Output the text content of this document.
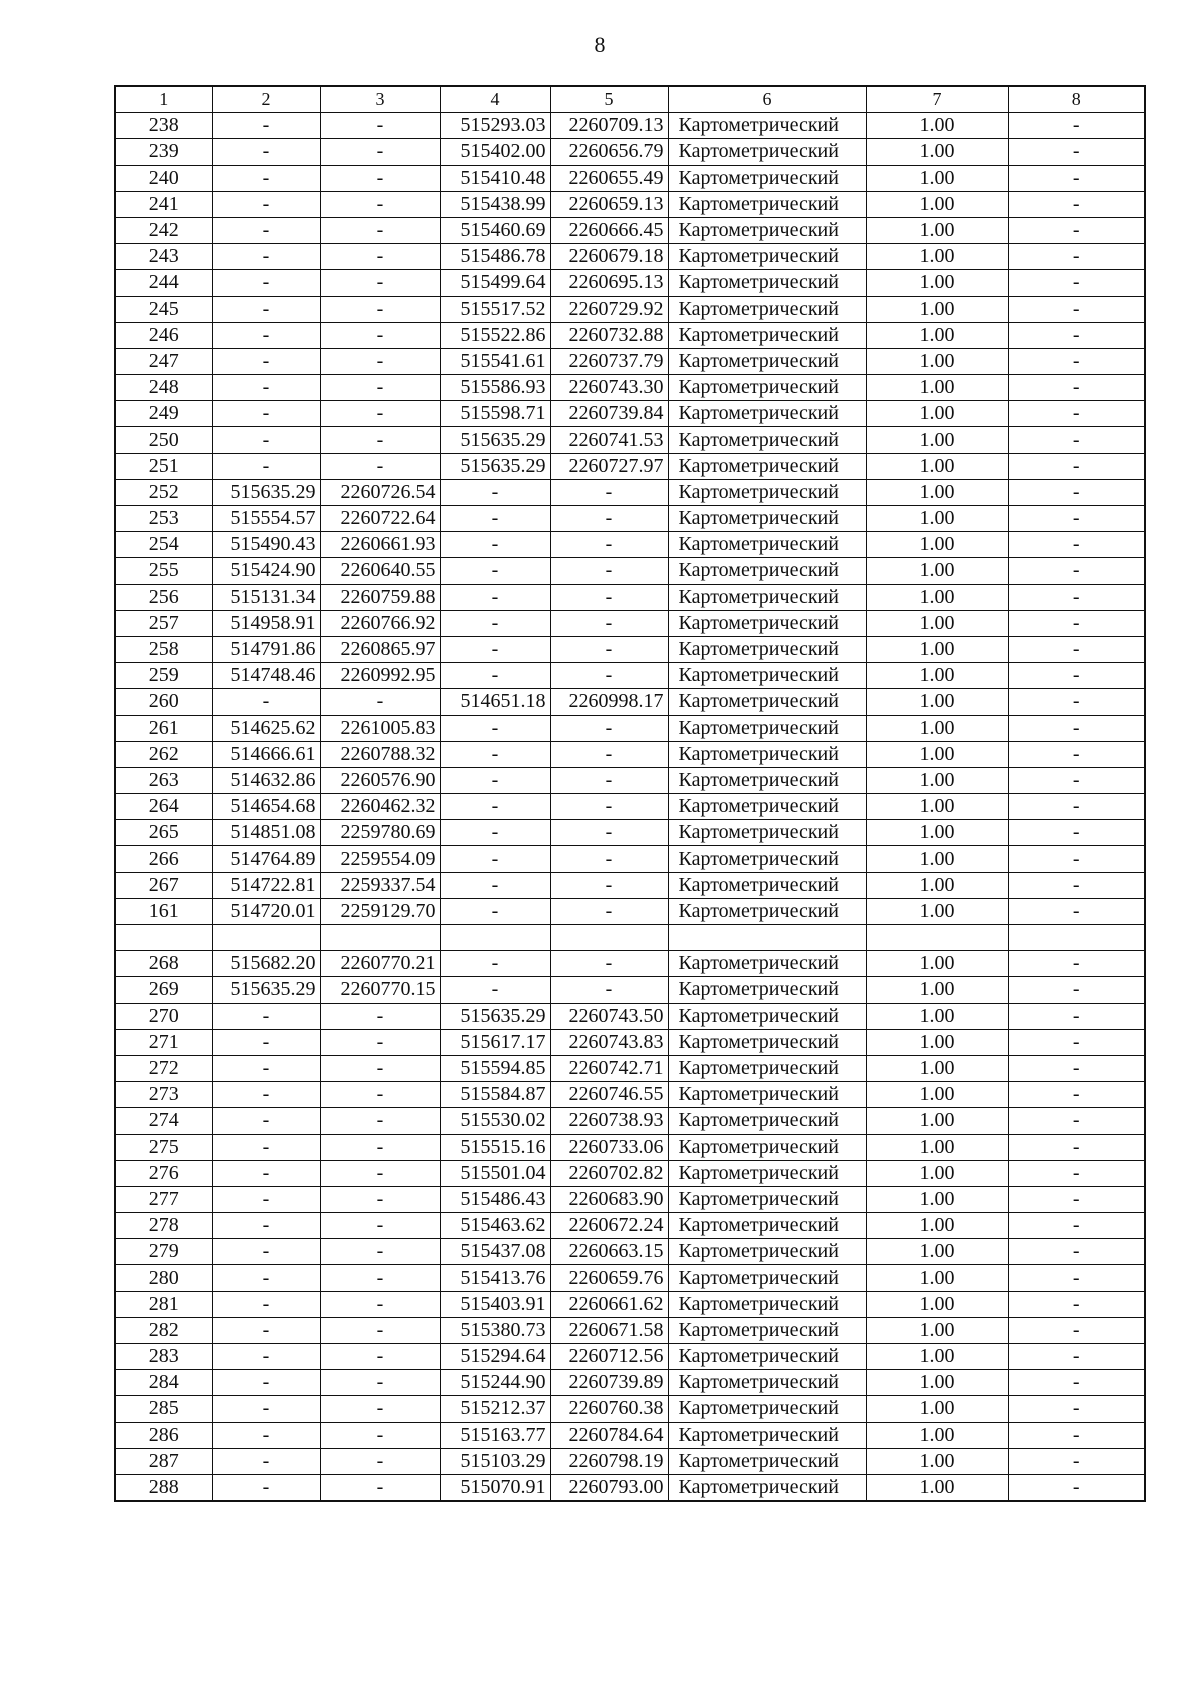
8
1	2	3	4	5	6	7	8
238	-	-	515293.03	2260709.13	Картометрический	1.00	-
239	-	-	515402.00	2260656.79	Картометрический	1.00	-
240	-	-	515410.48	2260655.49	Картометрический	1.00	-
241	-	-	515438.99	2260659.13	Картометрический	1.00	-
242	-	-	515460.69	2260666.45	Картометрический	1.00	-
243	-	-	515486.78	2260679.18	Картометрический	1.00	-
244	-	-	515499.64	2260695.13	Картометрический	1.00	-
245	-	-	515517.52	2260729.92	Картометрический	1.00	-
246	-	-	515522.86	2260732.88	Картометрический	1.00	-
247	-	-	515541.61	2260737.79	Картометрический	1.00	-
248	-	-	515586.93	2260743.30	Картометрический	1.00	-
249	-	-	515598.71	2260739.84	Картометрический	1.00	-
250	-	-	515635.29	2260741.53	Картометрический	1.00	-
251	-	-	515635.29	2260727.97	Картометрический	1.00	-
252	515635.29	2260726.54	-	-	Картометрический	1.00	-
253	515554.57	2260722.64	-	-	Картометрический	1.00	-
254	515490.43	2260661.93	-	-	Картометрический	1.00	-
255	515424.90	2260640.55	-	-	Картометрический	1.00	-
256	515131.34	2260759.88	-	-	Картометрический	1.00	-
257	514958.91	2260766.92	-	-	Картометрический	1.00	-
258	514791.86	2260865.97	-	-	Картометрический	1.00	-
259	514748.46	2260992.95	-	-	Картометрический	1.00	-
260	-	-	514651.18	2260998.17	Картометрический	1.00	-
261	514625.62	2261005.83	-	-	Картометрический	1.00	-
262	514666.61	2260788.32	-	-	Картометрический	1.00	-
263	514632.86	2260576.90	-	-	Картометрический	1.00	-
264	514654.68	2260462.32	-	-	Картометрический	1.00	-
265	514851.08	2259780.69	-	-	Картометрический	1.00	-
266	514764.89	2259554.09	-	-	Картометрический	1.00	-
267	514722.81	2259337.54	-	-	Картометрический	1.00	-
161	514720.01	2259129.70	-	-	Картометрический	1.00	-

268	515682.20	2260770.21	-	-	Картометрический	1.00	-
269	515635.29	2260770.15	-	-	Картометрический	1.00	-
270	-	-	515635.29	2260743.50	Картометрический	1.00	-
271	-	-	515617.17	2260743.83	Картометрический	1.00	-
272	-	-	515594.85	2260742.71	Картометрический	1.00	-
273	-	-	515584.87	2260746.55	Картометрический	1.00	-
274	-	-	515530.02	2260738.93	Картометрический	1.00	-
275	-	-	515515.16	2260733.06	Картометрический	1.00	-
276	-	-	515501.04	2260702.82	Картометрический	1.00	-
277	-	-	515486.43	2260683.90	Картометрический	1.00	-
278	-	-	515463.62	2260672.24	Картометрический	1.00	-
279	-	-	515437.08	2260663.15	Картометрический	1.00	-
280	-	-	515413.76	2260659.76	Картометрический	1.00	-
281	-	-	515403.91	2260661.62	Картометрический	1.00	-
282	-	-	515380.73	2260671.58	Картометрический	1.00	-
283	-	-	515294.64	2260712.56	Картометрический	1.00	-
284	-	-	515244.90	2260739.89	Картометрический	1.00	-
285	-	-	515212.37	2260760.38	Картометрический	1.00	-
286	-	-	515163.77	2260784.64	Картометрический	1.00	-
287	-	-	515103.29	2260798.19	Картометрический	1.00	-
288	-	-	515070.91	2260793.00	Картометрический	1.00	-
